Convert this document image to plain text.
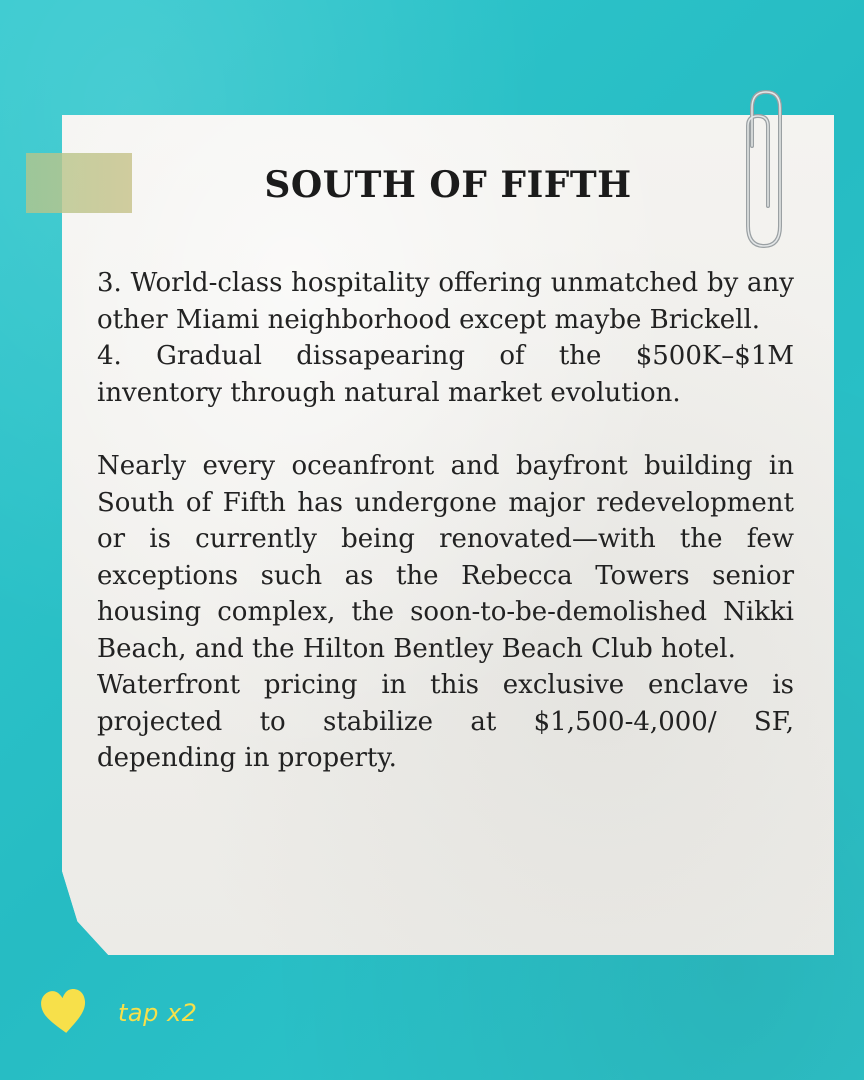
SOUTH OF FIFTH

3. World-class hospitality offering unmatched by any other Miami neighborhood except maybe Brickell.

4. Gradual dissapearing of the $500K–$1M inventory through natural market evolution.

Nearly every oceanfront and bayfront building in South of Fifth has undergone major redevelopment or is currently being renovated—with the few exceptions such as the Rebecca Towers senior housing complex, the soon-to-be-demolished Nikki Beach, and the Hilton Bentley Beach Club hotel.

Waterfront pricing in this exclusive enclave is projected to stabilize at $1,500-4,000/ SF, depending in property.

tap x2
